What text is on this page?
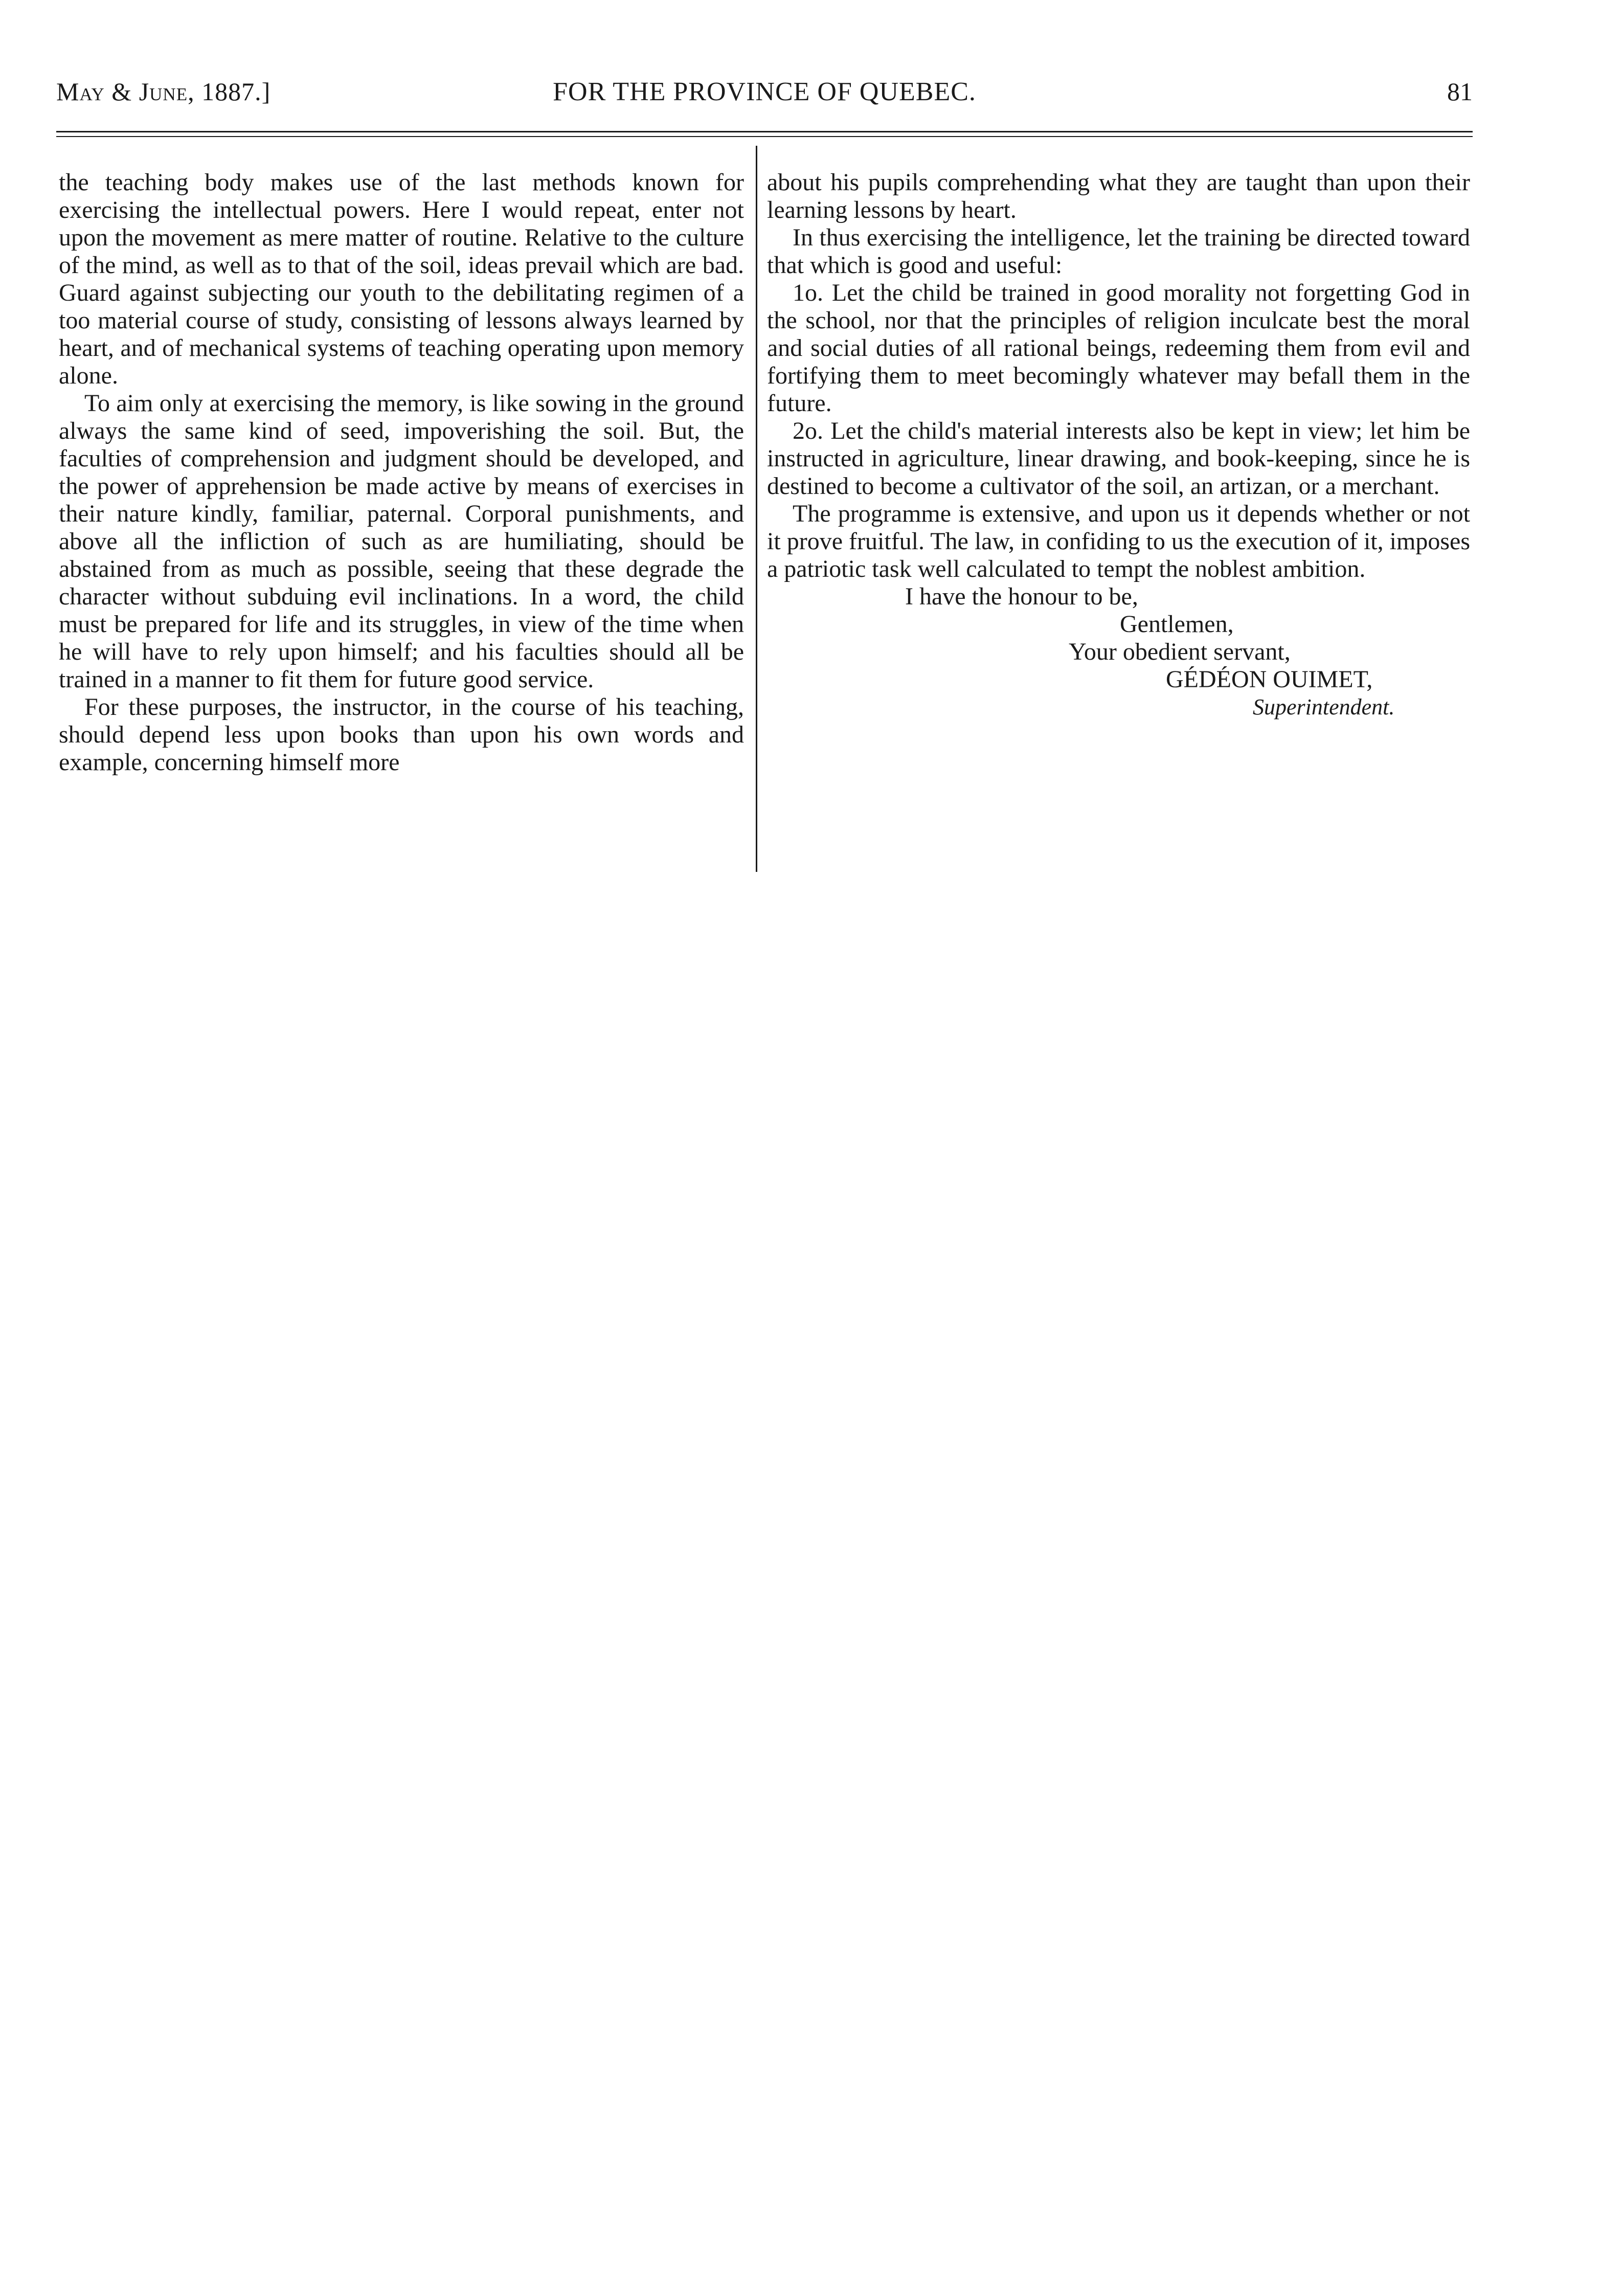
May & June, 1887.]	FOR THE PROVINCE OF QUEBEC.	81

the teaching body makes use of the last methods known for exercising the intellectual powers. Here I would repeat, enter not upon the movement as mere matter of routine. Relative to the culture of the mind, as well as to that of the soil, ideas prevail which are bad. Guard against subjecting our youth to the debilitating regimen of a too material course of study, consisting of lessons always learned by heart, and of mechanical systems of teaching operating upon memory alone.

To aim only at exercising the memory, is like sowing in the ground always the same kind of seed, impoverishing the soil. But, the faculties of comprehension and judgment should be developed, and the power of apprehension be made active by means of exercises in their nature kindly, familiar, paternal. Corporal punishments, and above all the infliction of such as are humiliating, should be abstained from as much as possible, seeing that these degrade the character without subduing evil inclinations. In a word, the child must be prepared for life and its struggles, in view of the time when he will have to rely upon himself; and his faculties should all be trained in a manner to fit them for future good service.

For these purposes, the instructor, in the course of his teaching, should depend less upon books than upon his own words and example, concerning himself more

about his pupils comprehending what they are taught than upon their learning lessons by heart.

In thus exercising the intelligence, let the training be directed toward that which is good and useful:

1o. Let the child be trained in good morality not forgetting God in the school, nor that the principles of religion inculcate best the moral and social duties of all rational beings, redeeming them from evil and fortifying them to meet becomingly whatever may befall them in the future.

2o. Let the child's material interests also be kept in view; let him be instructed in agriculture, linear drawing, and book-keeping, since he is destined to become a cultivator of the soil, an artizan, or a merchant.

The programme is extensive, and upon us it depends whether or not it prove fruitful. The law, in confiding to us the execution of it, imposes a patriotic task well calculated to tempt the noblest ambition.

I have the honour to be,
Gentlemen,
Your obedient servant,
GÉDÉON OUIMET,
Superintendent.
